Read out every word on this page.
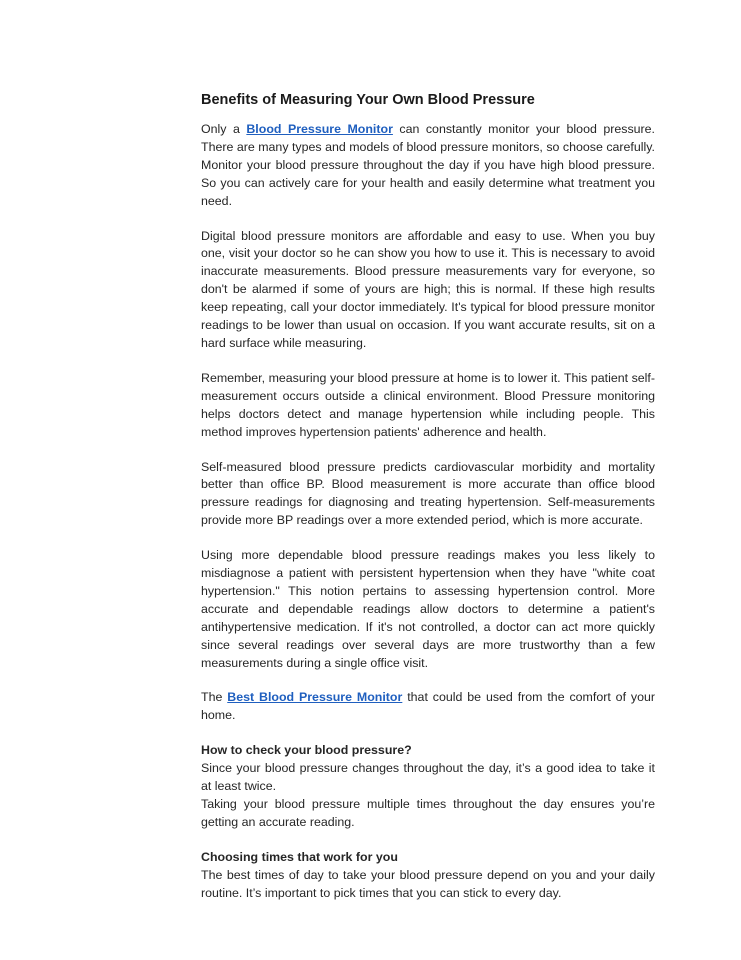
Benefits of Measuring Your Own Blood Pressure

Only a Blood Pressure Monitor can constantly monitor your blood pressure. There are many types and models of blood pressure monitors, so choose carefully. Monitor your blood pressure throughout the day if you have high blood pressure. So you can actively care for your health and easily determine what treatment you need.

Digital blood pressure monitors are affordable and easy to use. When you buy one, visit your doctor so he can show you how to use it. This is necessary to avoid inaccurate measurements. Blood pressure measurements vary for everyone, so don't be alarmed if some of yours are high; this is normal. If these high results keep repeating, call your doctor immediately. It's typical for blood pressure monitor readings to be lower than usual on occasion. If you want accurate results, sit on a hard surface while measuring.

Remember, measuring your blood pressure at home is to lower it. This patient self- measurement occurs outside a clinical environment. Blood Pressure monitoring helps doctors detect and manage hypertension while including people. This method improves hypertension patients' adherence and health.

Self-measured blood pressure predicts cardiovascular morbidity and mortality better than office BP. Blood measurement is more accurate than office blood pressure readings for diagnosing and treating hypertension. Self-measurements provide more BP readings over a more extended period, which is more accurate.

Using more dependable blood pressure readings makes you less likely to misdiagnose a patient with persistent hypertension when they have "white coat hypertension." This notion pertains to assessing hypertension control. More accurate and dependable readings allow doctors to determine a patient's antihypertensive medication. If it's not controlled, a doctor can act more quickly since several readings over several days are more trustworthy than a few measurements during a single office visit.

The Best Blood Pressure Monitor that could be used from the comfort of your home.

How to check your blood pressure?

Since your blood pressure changes throughout the day, it’s a good idea to take it at least twice.

Taking your blood pressure multiple times throughout the day ensures you’re getting an accurate reading.

Choosing times that work for you

The best times of day to take your blood pressure depend on you and your daily routine. It’s important to pick times that you can stick to every day.
